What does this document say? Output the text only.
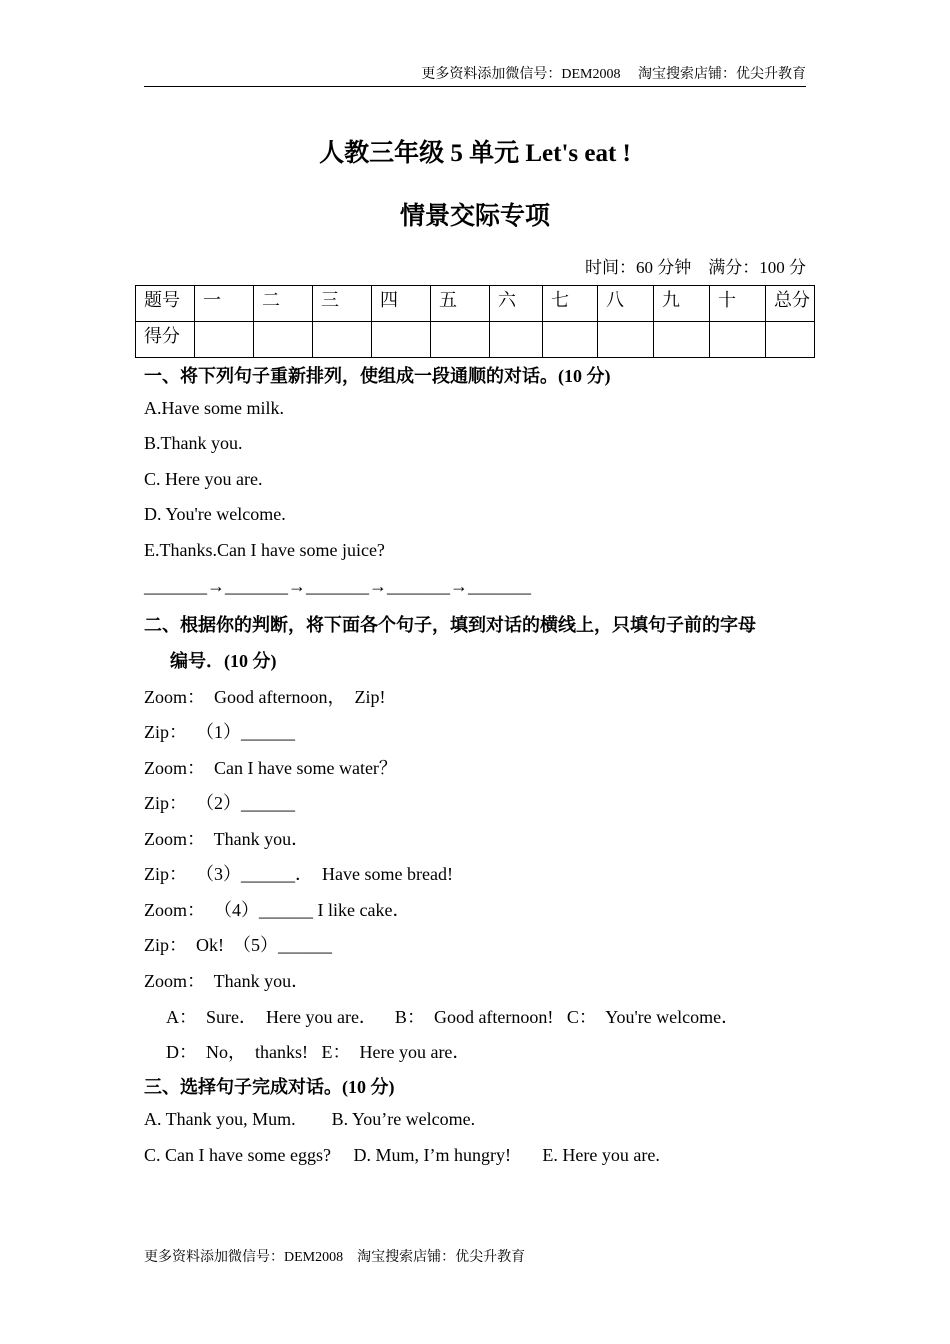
更多资料添加微信号：DEM2008　 淘宝搜索店铺：优尖升教育
人教三年级 5 单元 Let's eat !
情景交际专项
时间：60 分钟　满分：100 分
题号	一	二	三	四	五	六	七	八	九	十	总分
得分											
一、将下列句子重新排列，使组成一段通顺的对话。(10 分)
A.Have some milk.
B.Thank you.
C. Here you are.
D. You're welcome.
E.Thanks.Can I have some juice?
_______→_______→_______→_______→_______
二、根据你的判断，将下面各个句子，填到对话的横线上，只填句子前的字母
编号．(10 分)
Zoom：  Good afternoon，  Zip!
Zip：  （1）______
Zoom：  Can I have some water？
Zip：  （2）______
Zoom：  Thank you．
Zip：  （3）______．  Have some bread!
Zoom：  （4）______ I like cake．
Zip：  Ok!  （5）______
Zoom：  Thank you．
A：  Sure．  Here you are．    B：  Good afternoon!   C：  You're welcome．
D：  No，  thanks!   E：  Here you are．
三、选择句子完成对话。(10 分)
A. Thank you, Mum.        B. You’re welcome.
C. Can I have some eggs?     D. Mum, I’m hungry!       E. Here you are.
更多资料添加微信号：DEM2008　淘宝搜索店铺：优尖升教育
